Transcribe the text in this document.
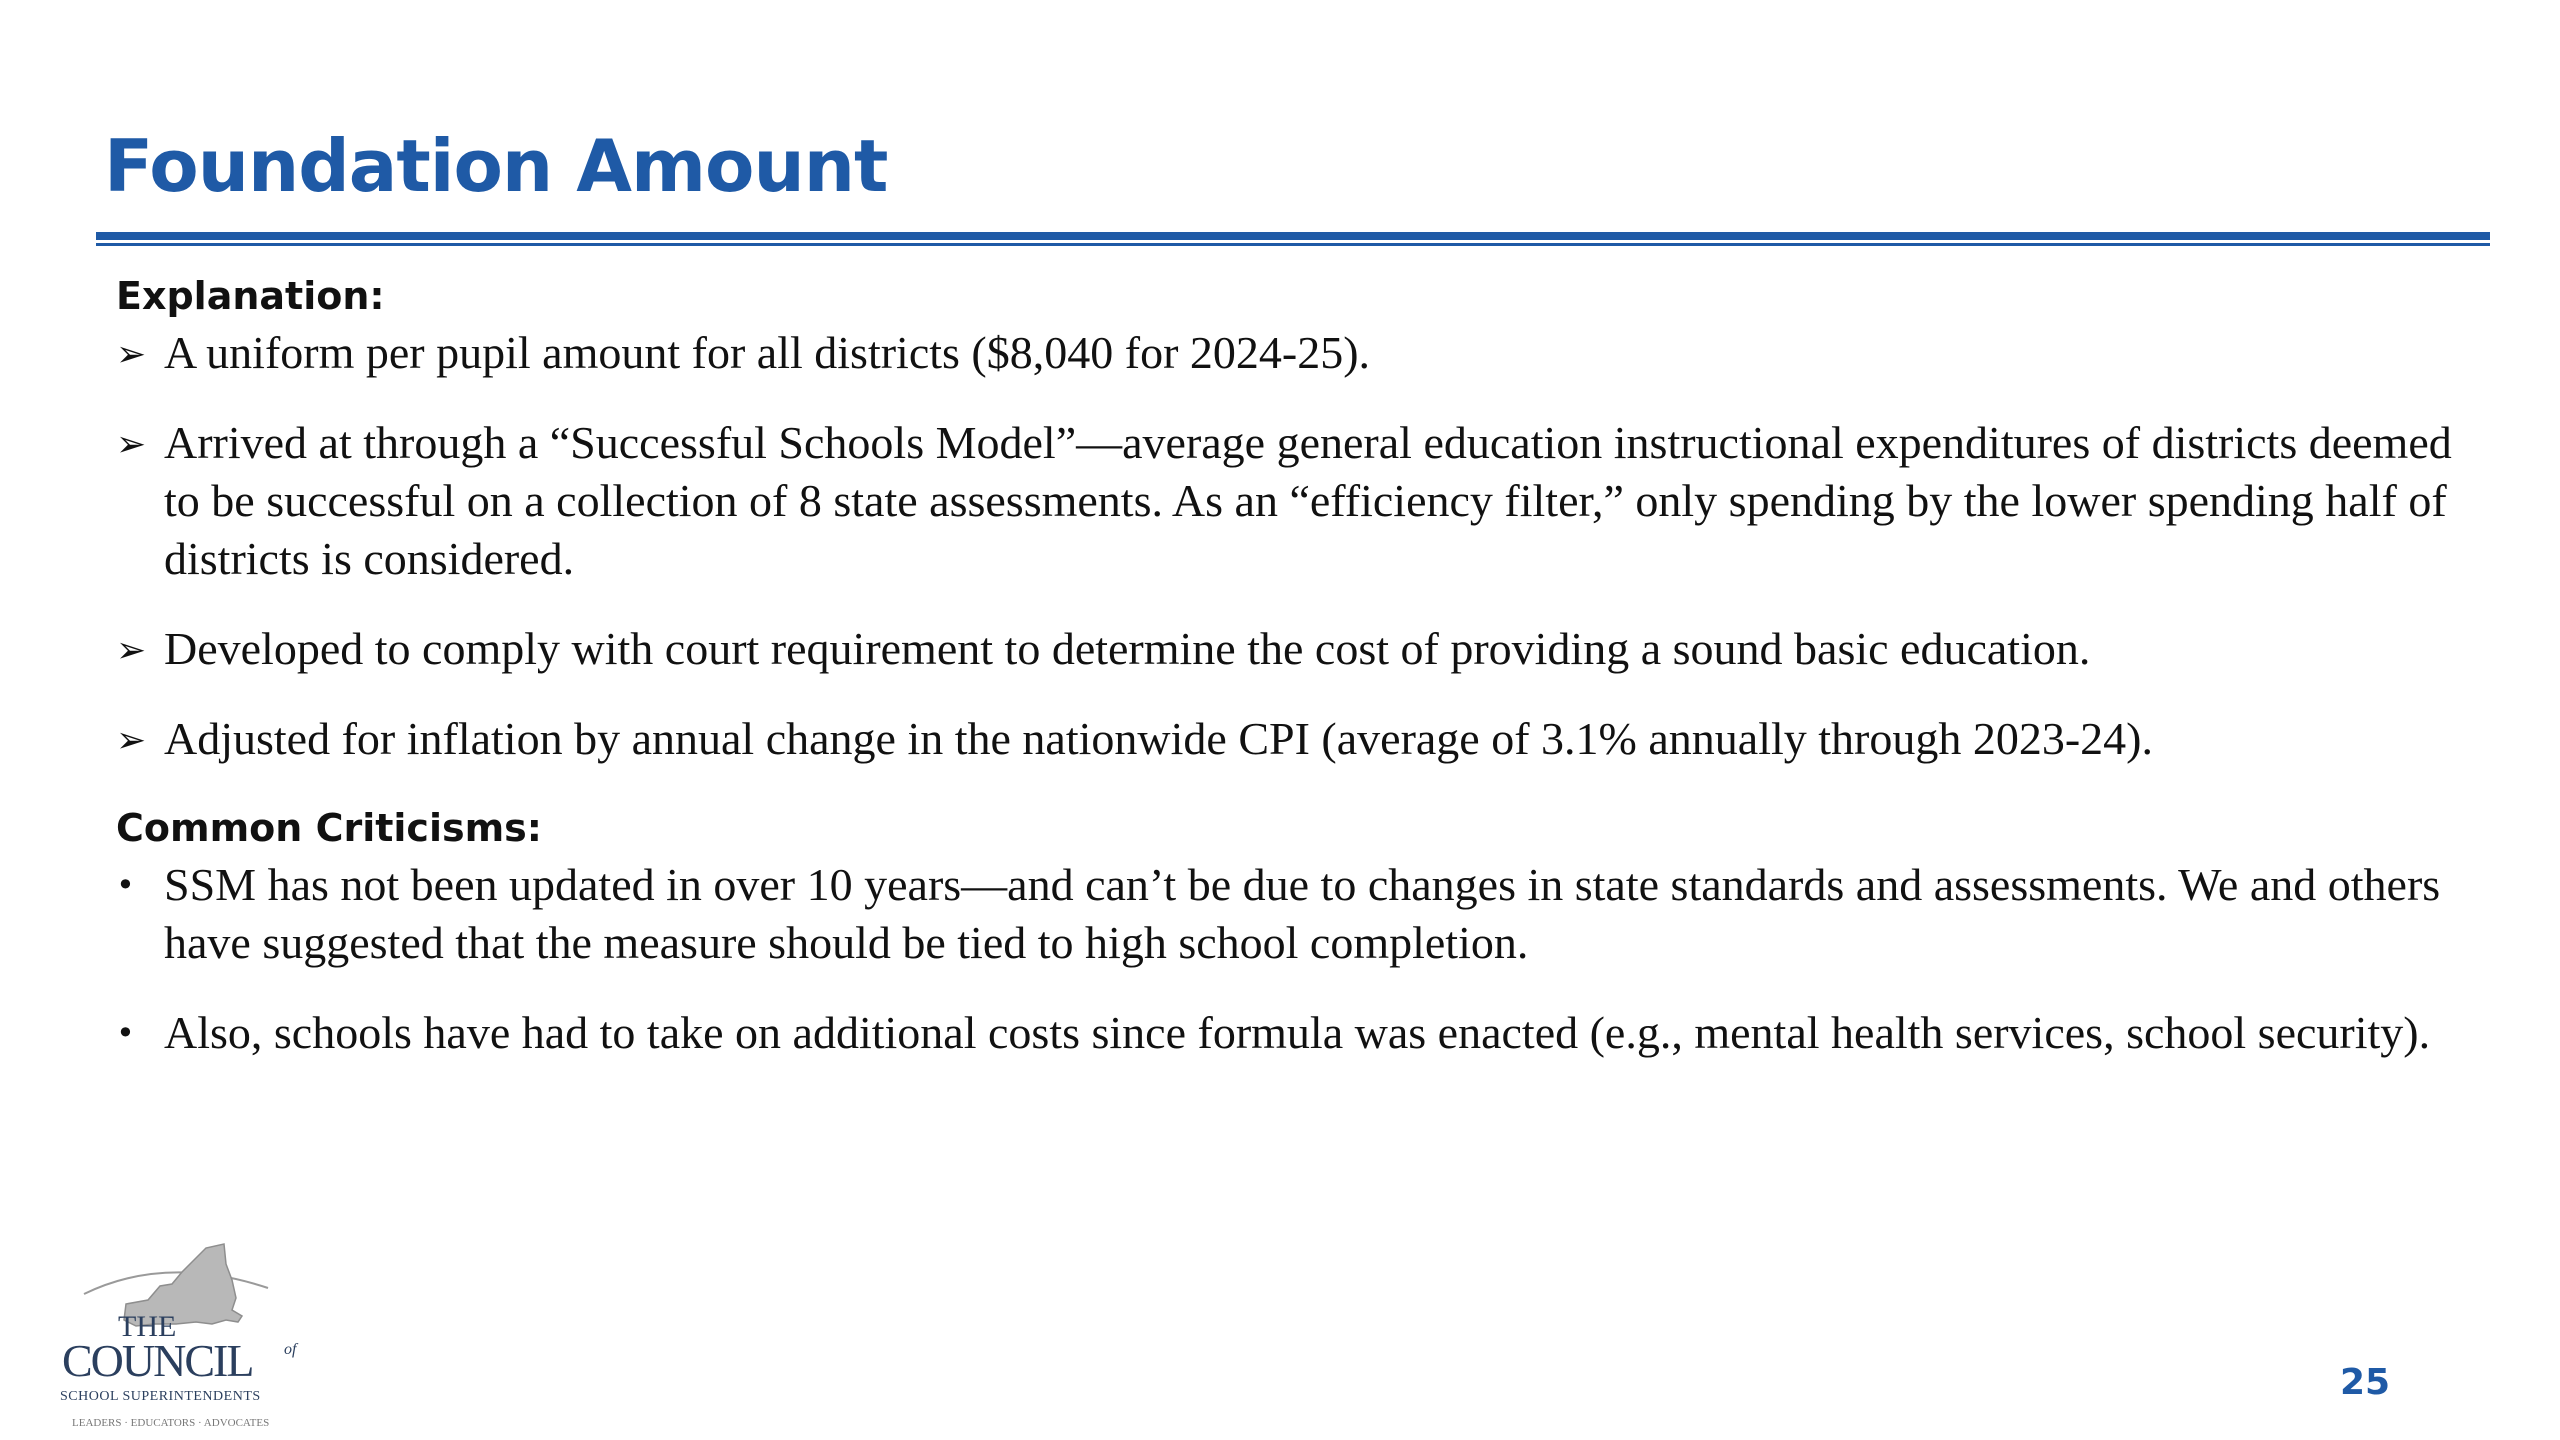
Foundation Amount

Explanation:

➢ A uniform per pupil amount for all districts ($8,040 for 2024-25).
➢ Arrived at through a “Successful Schools Model”—average general education instructional expenditures of districts deemed to be successful on a collection of 8 state assessments. As an “efficiency filter,” only spending by the lower spending half of districts is considered.
➢ Developed to comply with court requirement to determine the cost of providing a sound basic education.
➢ Adjusted for inflation by annual change in the nationwide CPI (average of 3.1% annually through 2023-24).

Common Criticisms:

• SSM has not been updated in over 10 years—and can’t be due to changes in state standards and assessments. We and others have suggested that the measure should be tied to high school completion.
• Also, schools have had to take on additional costs since formula was enacted (e.g., mental health services, school security).
THE
COUNCIL of
SCHOOL SUPERINTENDENTS
LEADERS · EDUCATORS · ADVOCATES
25
